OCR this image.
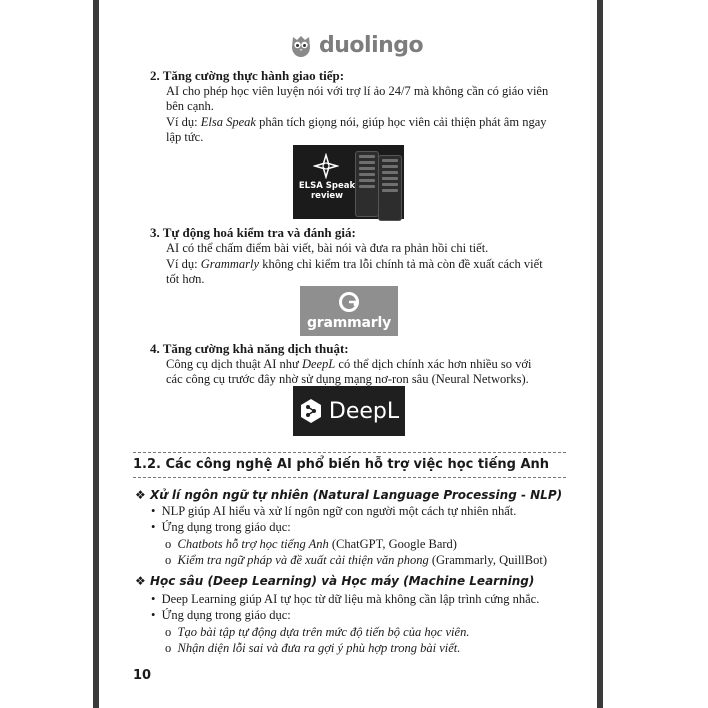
duolingo
2. Tăng cường thực hành giao tiếp:
AI cho phép học viên luyện nói với trợ lí ảo 24/7 mà không cần có giáo viên
bên cạnh.
Ví dụ: Elsa Speak phân tích giọng nói, giúp học viên cải thiện phát âm ngay
lập tức.
ELSA Speak review
3. Tự động hoá kiểm tra và đánh giá:
AI có thể chấm điểm bài viết, bài nói và đưa ra phản hồi chi tiết.
Ví dụ: Grammarly không chỉ kiểm tra lỗi chính tả mà còn đề xuất cách viết
tốt hơn.
grammarly
4. Tăng cường khả năng dịch thuật:
Công cụ dịch thuật AI như DeepL có thể dịch chính xác hơn nhiều so với
các công cụ trước đây nhờ sử dụng mạng nơ-ron sâu (Neural Networks).
DeepL
1.2. Các công nghệ AI phổ biến hỗ trợ việc học tiếng Anh
❖ Xử lí ngôn ngữ tự nhiên (Natural Language Processing - NLP)
•  NLP giúp AI hiểu và xử lí ngôn ngữ con người một cách tự nhiên nhất.
•  Ứng dụng trong giáo dục:
o  Chatbots hỗ trợ học tiếng Anh (ChatGPT, Google Bard)
o  Kiểm tra ngữ pháp và đề xuất cải thiện văn phong (Grammarly, QuillBot)
❖ Học sâu (Deep Learning) và Học máy (Machine Learning)
•  Deep Learning giúp AI tự học từ dữ liệu mà không cần lập trình cứng nhắc.
•  Ứng dụng trong giáo dục:
o  Tạo bài tập tự động dựa trên mức độ tiến bộ của học viên.
o  Nhận diện lỗi sai và đưa ra gợi ý phù hợp trong bài viết.
10
